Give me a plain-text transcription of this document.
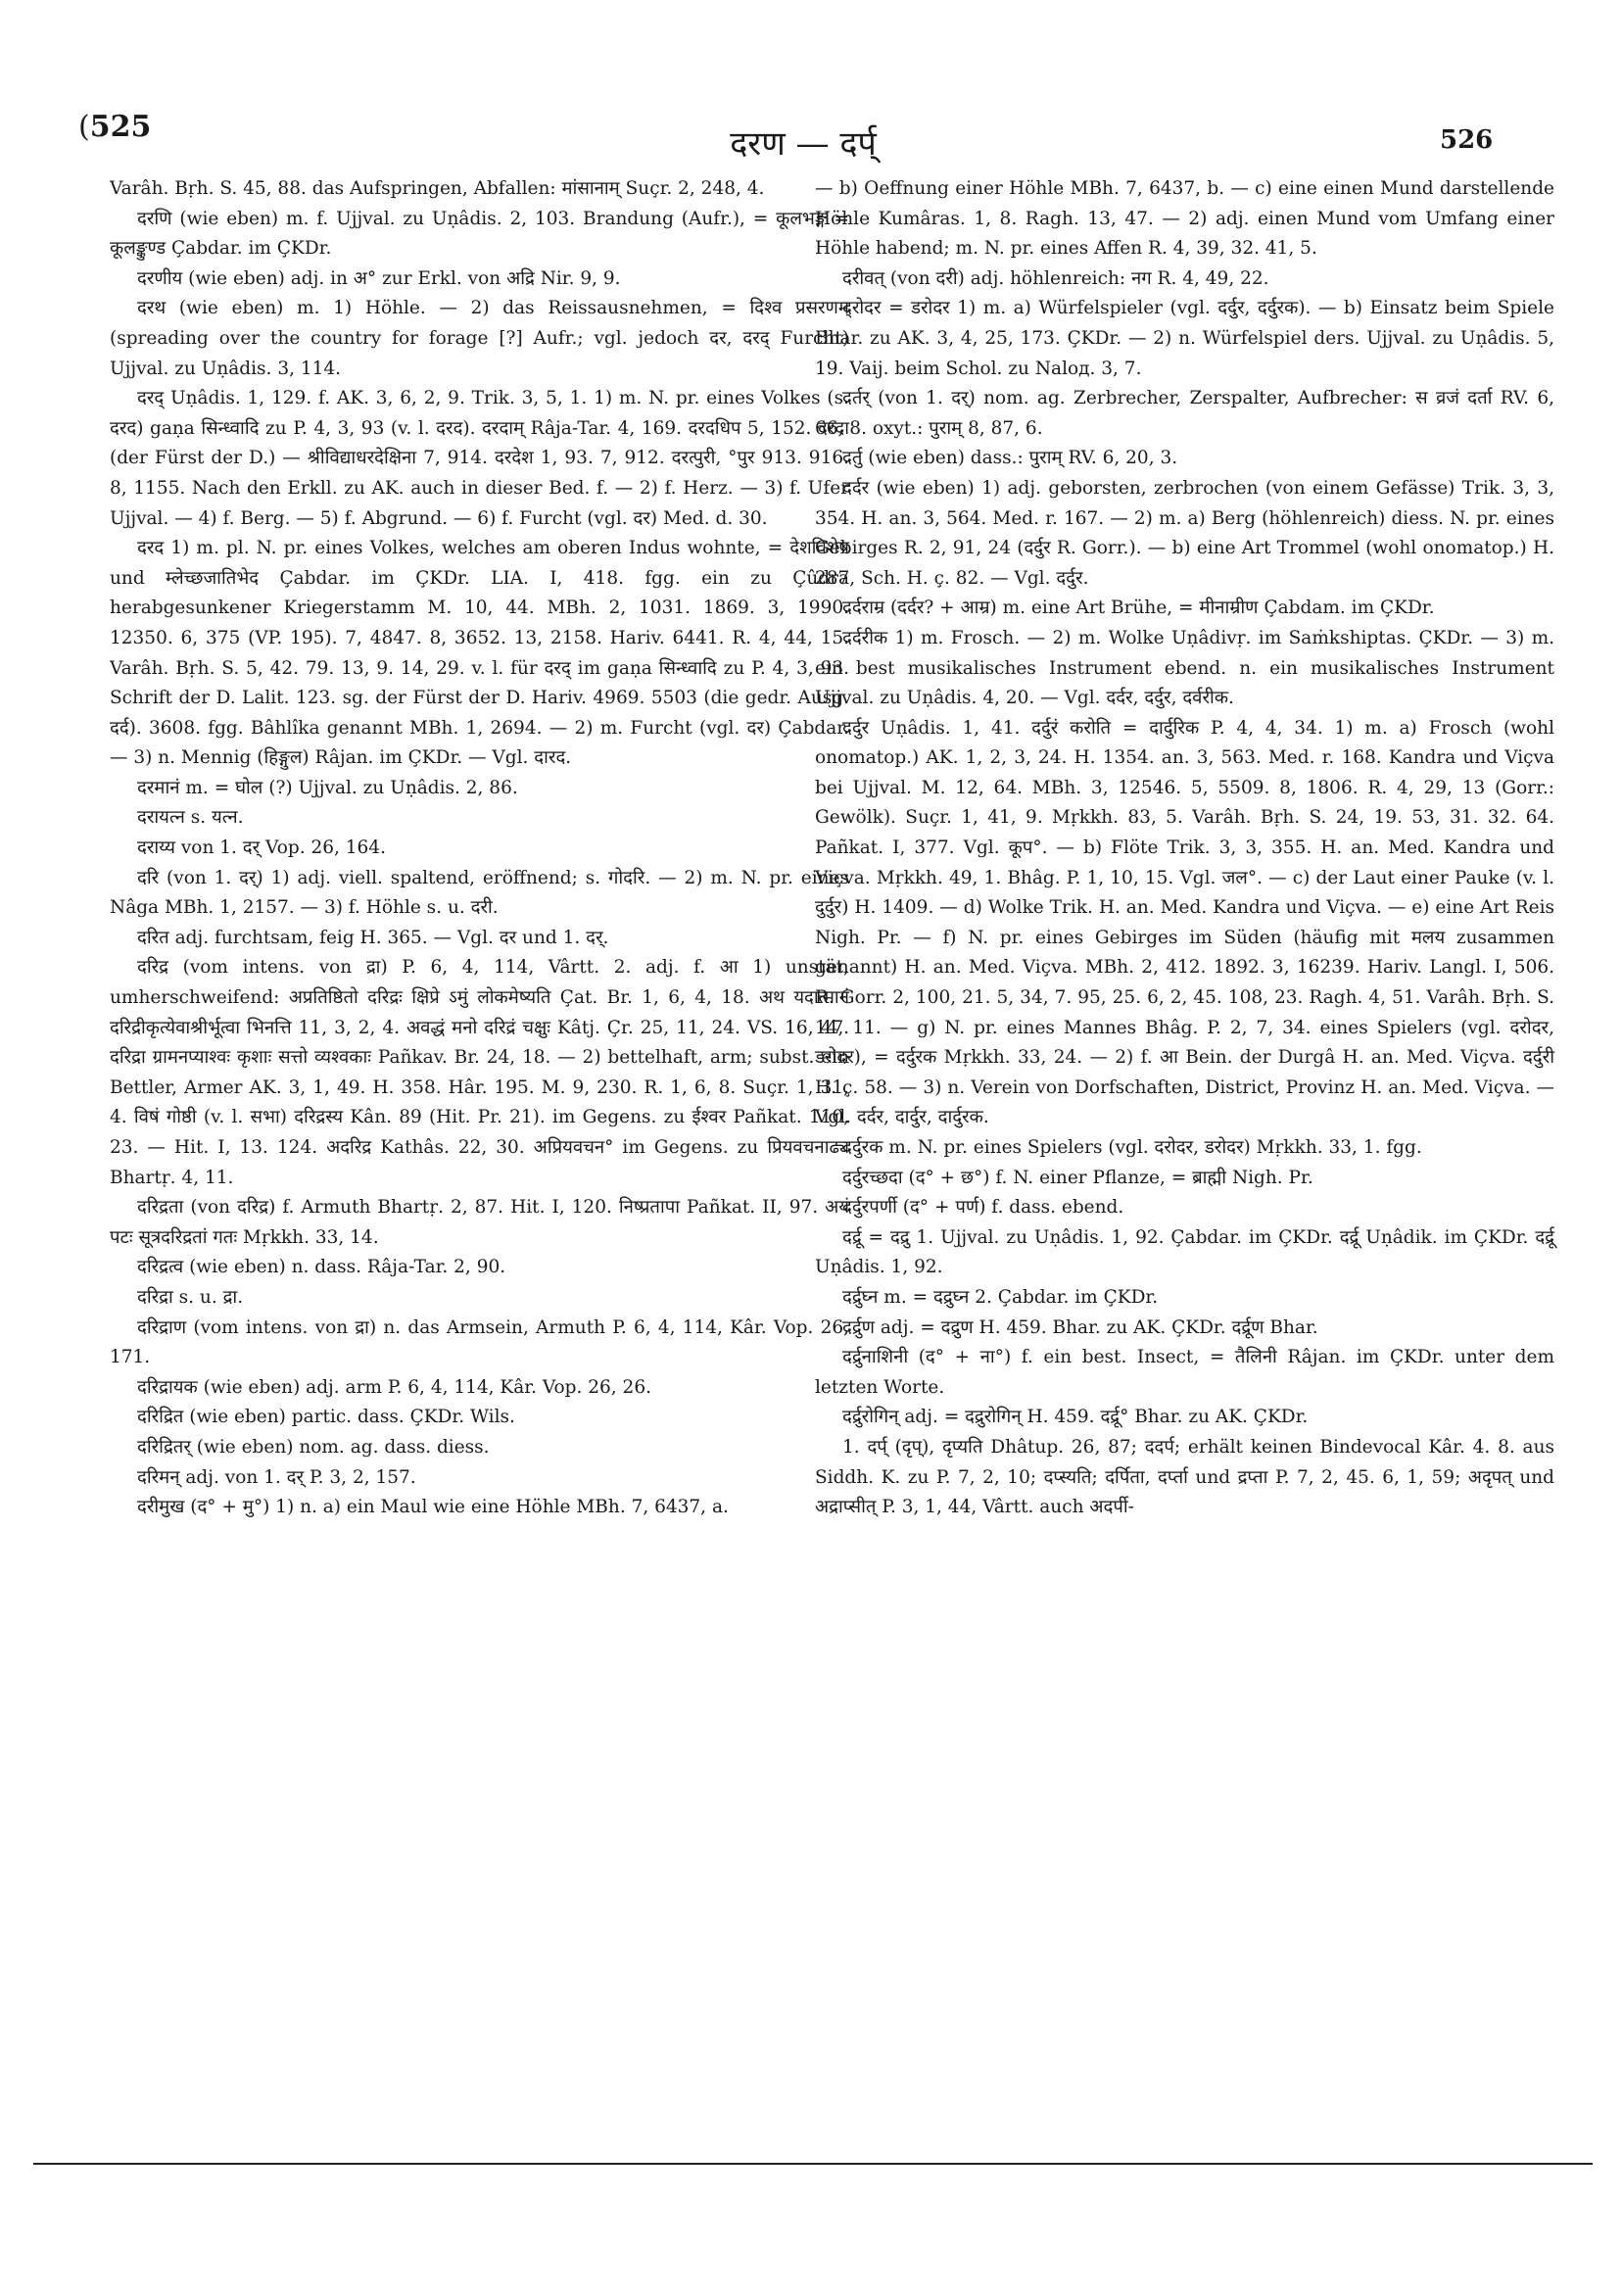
(525	दरण — दर्प्	526

Varâh. Bṛh. S. 45, 88. das Aufspringen, Abfallen: मांसानाम् Suçr. 2, 248, 4.

दरणि (wie eben) m. f. Ujjval. zu Uṇâdis. 2, 103. Brandung (Aufr.), = कूलभङ्ग = कूलङ्कुण्ड Çabdar. im ÇKDr.

दरणीय (wie eben) adj. in अ° zur Erkl. von अद्रि Nir. 9, 9.

दरथ (wie eben) m. 1) Höhle. — 2) das Reissausnehmen, = दिश्व प्रसरणम् (spreading over the country for forage [?] Aufr.; vgl. jedoch दर, दरद् Furcht) Ujjval. zu Uṇâdis. 3, 114.

दरद् Uṇâdis. 1, 129. f. AK. 3, 6, 2, 9. Trik. 3, 5, 1. 1) m. N. pr. eines Volkes (s. दरद) gaṇa सिन्ध्वादि zu P. 4, 3, 93 (v. l. दरद). दरदाम् Râja-Tar. 4, 169. दरदधिप 5, 152. दरदा (der Fürst der D.) — श्रीविद्याधरदेक्षिना 7, 914. दरदेश 1, 93. 7, 912. दरत्पुरी, °पुर 913. 916. 8, 1155. Nach den Erkll. zu AK. auch in dieser Bed. f. — 2) f. Herz. — 3) f. Ufer Ujjval. — 4) f. Berg. — 5) f. Abgrund. — 6) f. Furcht (vgl. दर) Med. d. 30.

दरद 1) m. pl. N. pr. eines Volkes, welches am oberen Indus wohnte, = देशविशेष und म्लेच्छजातिभेद Çabdar. im ÇKDr. LIA. I, 418. fgg. ein zu Çûdra herabgesunkener Kriegerstamm M. 10, 44. MBh. 2, 1031. 1869. 3, 1990. 12350. 6, 375 (VP. 195). 7, 4847. 8, 3652. 13, 2158. Hariv. 6441. R. 4, 44, 15. Varâh. Bṛh. S. 5, 42. 79. 13, 9. 14, 29. v. l. für दरद् im gaṇa सिन्ध्वादि zu P. 4, 3, 93. Schrift der D. Lalit. 123. sg. der Fürst der D. Hariv. 4969. 5503 (die gedr. Ausg. दर्द). 3608. fgg. Bâhlîka genannt MBh. 1, 2694. — 2) m. Furcht (vgl. दर) Çabdar. — 3) n. Mennig (हिङ्गुल) Râjan. im ÇKDr. — Vgl. दारद.

दरमानं m. = घोल (?) Ujjval. zu Uṇâdis. 2, 86.

दरायत्न s. यत्न.

दराय्य von 1. दर् Vop. 26, 164.

दरि (von 1. दर्) 1) adj. viell. spaltend, eröffnend; s. गोदरि. — 2) m. N. pr. eines Nâga MBh. 1, 2157. — 3) f. Höhle s. u. दरी.

दरित adj. furchtsam, feig H. 365. — Vgl. दर und 1. दर्.

दरिद्र (vom intens. von द्रा) P. 6, 4, 114, Vârtt. 2. adj. f. आ 1) unstät, umherschweifend: अप्रतिष्ठितो दरिद्रः क्षिप्रे ऽमुं लोकमेष्यति Çat. Br. 1, 6, 4, 18. अथ यदात्मानं दरिद्रीकृत्येवाश्रीर्भूत्वा भिनत्ति 11, 3, 2, 4. अवद्धं मनो दरिद्रं चक्षुः Kâtj. Çr. 25, 11, 24. VS. 16, 47. दरिद्रा ग्रामनप्याश्वः कृशाः सत्तो व्यश्वकाः Pañkav. Br. 24, 18. — 2) bettelhaft, arm; subst. ein Bettler, Armer AK. 3, 1, 49. H. 358. Hâr. 195. M. 9, 230. R. 1, 6, 8. Suçr. 1, 31, 4. विषं गोष्ठी (v. l. सभा) दरिद्रस्य Kân. 89 (Hit. Pr. 21). im Gegens. zu ईश्वर Pañkat. 110, 23. — Hit. I, 13. 124. अदरिद्र Kathâs. 22, 30. अप्रियवचन° im Gegens. zu प्रियवचनाढ्य Bhartṛ. 4, 11.

दरिद्रता (von दरिद्र) f. Armuth Bhartṛ. 2, 87. Hit. I, 120. निष्प्रतापा Pañkat. II, 97. अयं पटः सूत्रदरिद्रतां गतः Mṛkkh. 33, 14.

दरिद्रत्व (wie eben) n. dass. Râja-Tar. 2, 90.

दरिद्रा s. u. द्रा.

दरिद्राण (vom intens. von द्रा) n. das Armsein, Armuth P. 6, 4, 114, Kâr. Vop. 26, 171.

दरिद्रायक (wie eben) adj. arm P. 6, 4, 114, Kâr. Vop. 26, 26.

दरिद्रित (wie eben) partic. dass. ÇKDr. Wils.

दरिद्रितर् (wie eben) nom. ag. dass. diess.

दरिमन् adj. von 1. दर् P. 3, 2, 157.

दरीमुख (द° + मु°) 1) n. a) ein Maul wie eine Höhle MBh. 7, 6437, a.

— b) Oeffnung einer Höhle MBh. 7, 6437, b. — c) eine einen Mund darstellende Höhle Kumâras. 1, 8. Ragh. 13, 47. — 2) adj. einen Mund vom Umfang einer Höhle habend; m. N. pr. eines Affen R. 4, 39, 32. 41, 5.

दरीवत् (von दरी) adj. höhlenreich: नग R. 4, 49, 22.

दरोदर = डरोदर 1) m. a) Würfelspieler (vgl. दर्दुर, दर्दुरक). — b) Einsatz beim Spiele Bhar. zu AK. 3, 4, 25, 173. ÇKDr. — 2) n. Würfelspiel ders. Ujjval. zu Uṇâdis. 5, 19. Vaij. beim Schol. zu Naloд. 3, 7.

दर्तर् (von 1. दर्) nom. ag. Zerbrecher, Zerspalter, Aufbrecher: स व्रजं दर्ता RV. 6, 66, 8. oxyt.: पुराम् 8, 87, 6.

दर्तु (wie eben) dass.: पुराम् RV. 6, 20, 3.

दर्दर (wie eben) 1) adj. geborsten, zerbrochen (von einem Gefässe) Trik. 3, 3, 354. H. an. 3, 564. Med. r. 167. — 2) m. a) Berg (höhlenreich) diess. N. pr. eines Gebirges R. 2, 91, 24 (दर्दुर R. Gorr.). — b) eine Art Trommel (wohl onomatop.) H. 287, Sch. H. ç. 82. — Vgl. दर्दुर.

दर्दराम्र (दर्दर? + आम्र) m. eine Art Brühe, = मीनाम्रीण Çabdam. im ÇKDr.

दर्दरीक 1) m. Frosch. — 2) m. Wolke Uṇâdivṛ. im Saṁkshiptas. ÇKDr. — 3) m. ein best musikalisches Instrument ebend. n. ein musikalisches Instrument Ujjval. zu Uṇâdis. 4, 20. — Vgl. दर्दर, दर्दुर, दर्वरीक.

दर्दुर Uṇâdis. 1, 41. दर्दुरं करोति = दार्दुरिक P. 4, 4, 34. 1) m. a) Frosch (wohl onomatop.) AK. 1, 2, 3, 24. H. 1354. an. 3, 563. Med. r. 168. Kandra und Viçva bei Ujjval. M. 12, 64. MBh. 3, 12546. 5, 5509. 8, 1806. R. 4, 29, 13 (Gorr.: Gewölk). Suçr. 1, 41, 9. Mṛkkh. 83, 5. Varâh. Bṛh. S. 24, 19. 53, 31. 32. 64. Pañkat. I, 377. Vgl. कूप°. — b) Flöte Trik. 3, 3, 355. H. an. Med. Kandra und Viçva. Mṛkkh. 49, 1. Bhâg. P. 1, 10, 15. Vgl. जल°. — c) der Laut einer Pauke (v. l. दुर्दुर) H. 1409. — d) Wolke Trik. H. an. Med. Kandra und Viçva. — e) eine Art Reis Nigh. Pr. — f) N. pr. eines Gebirges im Süden (häufig mit मलय zusammen genannt) H. an. Med. Viçva. MBh. 2, 412. 1892. 3, 16239. Hariv. Langl. I, 506. R. Gorr. 2, 100, 21. 5, 34, 7. 95, 25. 6, 2, 45. 108, 23. Ragh. 4, 51. Varâh. Bṛh. S. 14, 11. — g) N. pr. eines Mannes Bhâg. P. 2, 7, 34. eines Spielers (vgl. दरोदर, डरोदर), = दर्दुरक Mṛkkh. 33, 24. — 2) f. आ Bein. der Durgâ H. an. Med. Viçva. दर्दुरी H. ç. 58. — 3) n. Verein von Dorfschaften, District, Provinz H. an. Med. Viçva. — Vgl. दर्दर, दार्दुर, दार्दुरक.

दर्दुरक m. N. pr. eines Spielers (vgl. दरोदर, डरोदर) Mṛkkh. 33, 1. fgg.

दर्दुरच्छदा (द° + छ°) f. N. einer Pflanze, = ब्राह्मी Nigh. Pr.

दर्दुरपर्णी (द° + पर्ण) f. dass. ebend.

दर्द्रू = दद्रु 1. Ujjval. zu Uṇâdis. 1, 92. Çabdar. im ÇKDr. दर्द्रू Uṇâdik. im ÇKDr. दर्द्रू Uṇâdis. 1, 92.

दर्द्रुघ्न m. = दद्रुघ्न 2. Çabdar. im ÇKDr.

दर्द्रुण adj. = दद्रुण H. 459. Bhar. zu AK. ÇKDr. दर्द्रूण Bhar.

दर्द्रुनाशिनी (द° + ना°) f. ein best. Insect, = तैलिनी Râjan. im ÇKDr. unter dem letzten Worte.

दर्द्रुरोगिन् adj. = दद्रुरोगिन् H. 459. दर्द्रू° Bhar. zu AK. ÇKDr.

1. दर्प् (दृप्), दृप्यति Dhâtup. 26, 87; ददर्प; erhält keinen Bindevocal Kâr. 4. 8. aus Siddh. K. zu P. 7, 2, 10; दप्स्यति; दर्पिता, दर्प्ता und द्रप्ता P. 7, 2, 45. 6, 1, 59; अदृपत् und अद्राप्सीत् P. 3, 1, 44, Vârtt. auch अदर्पी-
